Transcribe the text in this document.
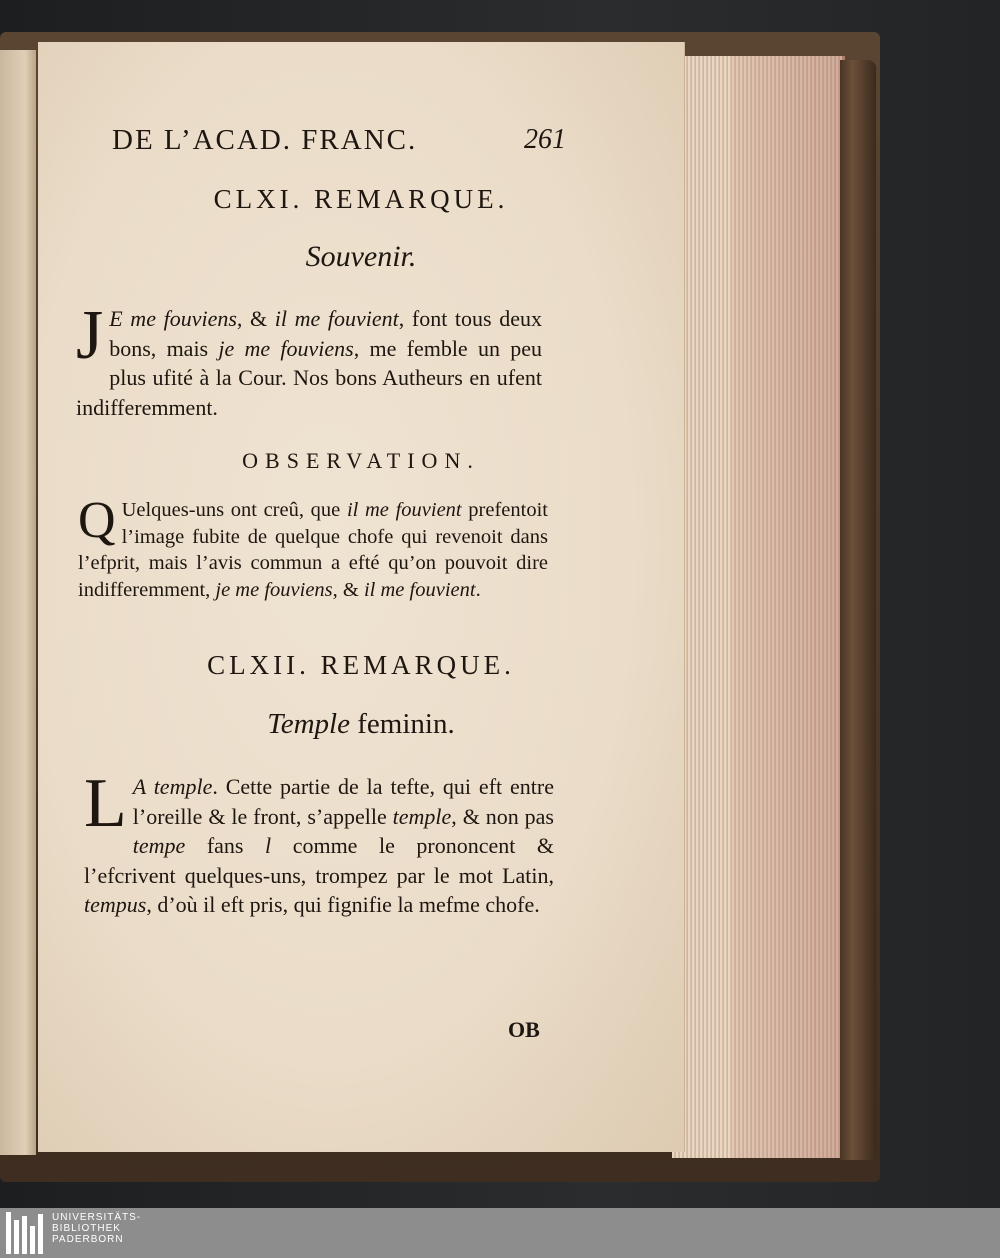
DE L’ACAD. FRANC.	261
CLXI. REMARQUE.
Souvenir.
J E me fouviens, & il me fouvient, font tous deux bons, mais je me fouviens, me femble un peu plus ufité à la Cour. Nos bons Autheurs en ufent indifferemment.
OBSERVATION.
Q Uelques-uns ont creû, que il me fouvient prefentoit l’image fubite de quelque chofe qui revenoit dans l’efprit, mais l’avis commun a efté qu’on pouvoit dire indifferemment, je me fouviens, & il me fouvient.
CLXII. REMARQUE.
Temple feminin.
L A temple. Cette partie de la tefte, qui eft entre l’oreille & le front, s’appelle temple, & non pas tempe fans l comme le prononcent & l’efcrivent quelques-uns, trompez par le mot Latin, tempus, d’où il eft pris, qui fignifie la mefme chofe.
OB
UNIVERSITÄTS-
BIBLIOTHEK
PADERBORN
